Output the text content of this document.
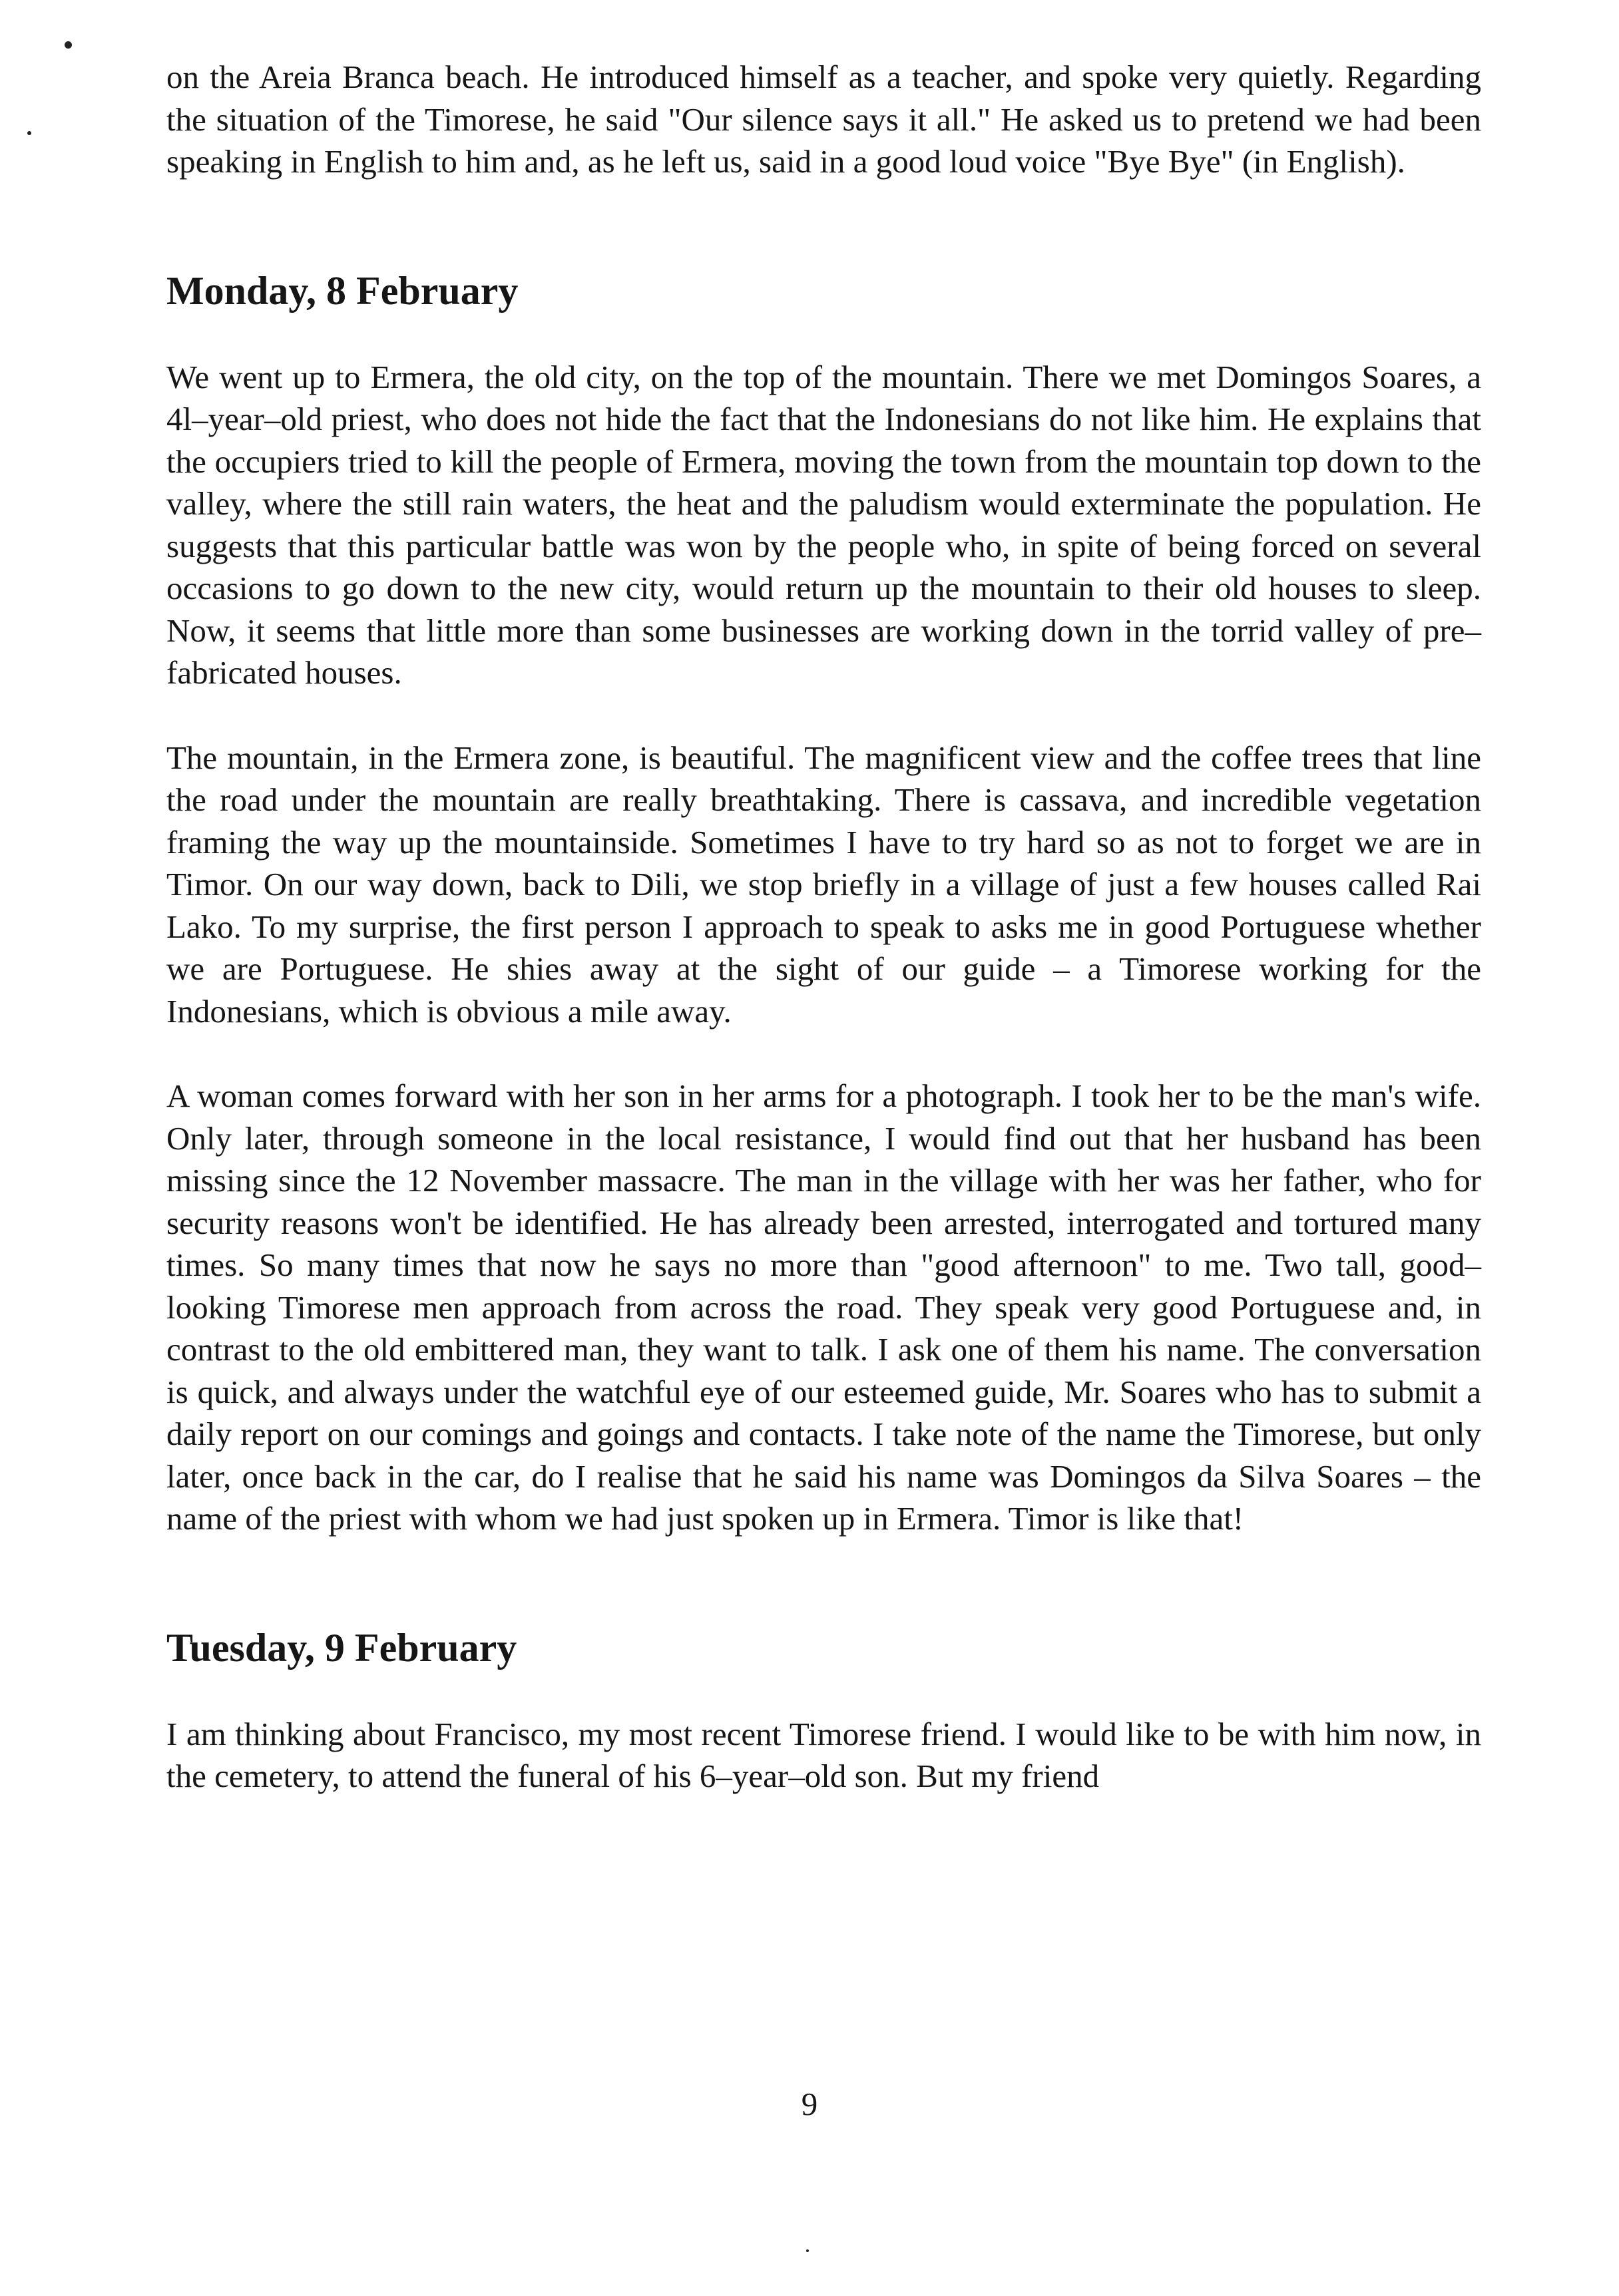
on the Areia Branca beach. He introduced himself as a teacher, and spoke very quietly. Regarding the situation of the Timorese, he said "Our silence says it all." He asked us to pretend we had been speaking in English to him and, as he left us, said in a good loud voice "Bye Bye" (in English).

Monday, 8 February

We went up to Ermera, the old city, on the top of the mountain. There we met Domingos Soares, a 4l–year–old priest, who does not hide the fact that the Indonesians do not like him. He explains that the occupiers tried to kill the people of Ermera, moving the town from the mountain top down to the valley, where the still rain waters, the heat and the paludism would exterminate the population. He suggests that this particular battle was won by the people who, in spite of being forced on several occasions to go down to the new city, would return up the mountain to their old houses to sleep. Now, it seems that little more than some businesses are working down in the torrid valley of pre–fabricated houses.

The mountain, in the Ermera zone, is beautiful. The magnificent view and the coffee trees that line the road under the mountain are really breathtaking. There is cassava, and incredible vegetation framing the way up the mountainside. Sometimes I have to try hard so as not to forget we are in Timor. On our way down, back to Dili, we stop briefly in a village of just a few houses called Rai Lako. To my surprise, the first person I approach to speak to asks me in good Portuguese whether we are Portuguese. He shies away at the sight of our guide – a Timorese working for the Indonesians, which is obvious a mile away.

A woman comes forward with her son in her arms for a photograph. I took her to be the man's wife. Only later, through someone in the local resistance, I would find out that her husband has been missing since the 12 November massacre. The man in the village with her was her father, who for security reasons won't be identified. He has already been arrested, interrogated and tortured many times. So many times that now he says no more than "good afternoon" to me. Two tall, good–looking Timorese men approach from across the road. They speak very good Portuguese and, in contrast to the old embittered man, they want to talk. I ask one of them his name. The conversation is quick, and always under the watchful eye of our esteemed guide, Mr. Soares who has to submit a daily report on our comings and goings and contacts. I take note of the name the Timorese, but only later, once back in the car, do I realise that he said his name was Domingos da Silva Soares – the name of the priest with whom we had just spoken up in Ermera. Timor is like that!

Tuesday, 9 February

I am thinking about Francisco, my most recent Timorese friend. I would like to be with him now, in the cemetery, to attend the funeral of his 6–year–old son. But my friend

9
